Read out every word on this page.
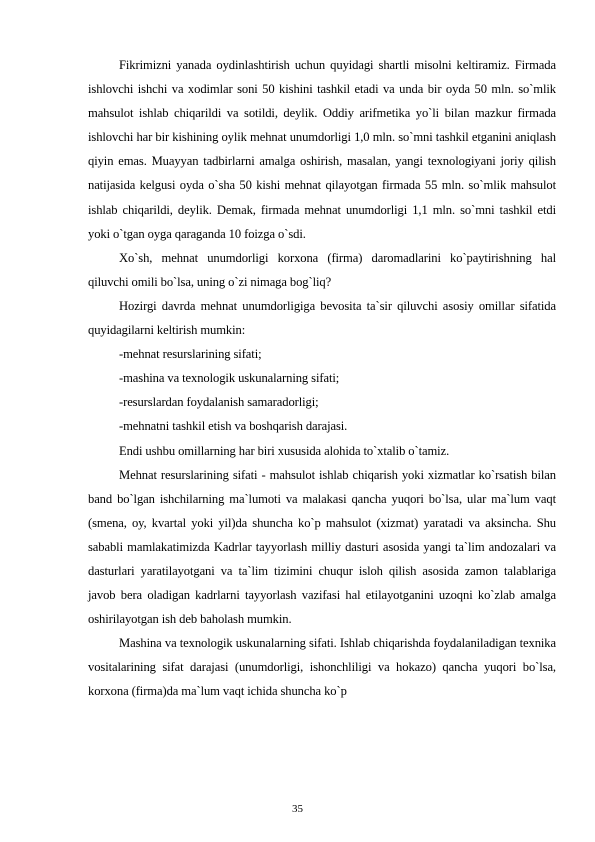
Fikrimizni yanada oydinlashtirish uchun quyidagi shartli misolni keltiramiz. Firmada ishlovchi ishchi va xodimlar soni 50 kishini tashkil etadi va unda bir oyda 50 mln. so`mlik mahsulot ishlab chiqarildi va sotildi, deylik. Oddiy arifmetika yo`li bilan mazkur firmada ishlovchi har bir kishining oylik mehnat unumdorligi 1,0 mln. so`mni tashkil etganini aniqlash qiyin emas. Muayyan tadbirlarni amalga oshirish, masalan, yangi texnologiyani joriy qilish natijasida kelgusi oyda o`sha 50 kishi mehnat qilayotgan firmada 55 mln. so`mlik mahsulot ishlab chiqarildi, deylik. Demak, firmada mehnat unumdorligi 1,1 mln. so`mni tashkil etdi yoki o`tgan oyga qaraganda 10 foizga o`sdi.

Xo`sh, mehnat unumdorligi korxona (firma) daromadlarini ko`paytirishning hal qiluvchi omili bo`lsa, uning o`zi nimaga bog`liq?

Hozirgi davrda mehnat unumdorligiga bevosita ta`sir qiluvchi asosiy omillar sifatida quyidagilarni keltirish mumkin:

-mehnat resurslarining sifati;

-mashina va texnologik uskunalarning sifati;

-resurslardan foydalanish samaradorligi;

-mehnatni tashkil etish va boshqarish darajasi.

Endi ushbu omillarning har biri xususida alohida to`xtalib o`tamiz.

Mehnat resurslarining sifati - mahsulot ishlab chiqarish yoki xizmatlar ko`rsatish bilan band bo`lgan ishchilarning ma`lumoti va malakasi qancha yuqori bo`lsa, ular ma`lum vaqt (smena, oy, kvartal yoki yil)da shuncha ko`p mahsulot (xizmat) yaratadi va aksincha. Shu sababli mamlakatimizda Kadrlar tayyorlash milliy dasturi asosida yangi ta`lim andozalari va dasturlari yaratilayotgani va ta`lim tizimini chuqur isloh qilish asosida zamon talablariga javob bera oladigan kadrlarni tayyorlash vazifasi hal etilayotganini uzoqni ko`zlab amalga oshirilayotgan ish deb baholash mumkin.

Mashina va texnologik uskunalarning sifati. Ishlab chiqarishda foydalaniladigan texnika vositalarining sifat darajasi (unumdorligi, ishonchliligi va hokazo) qancha yuqori bo`lsa, korxona (firma)da ma`lum vaqt ichida shuncha ko`p

35
